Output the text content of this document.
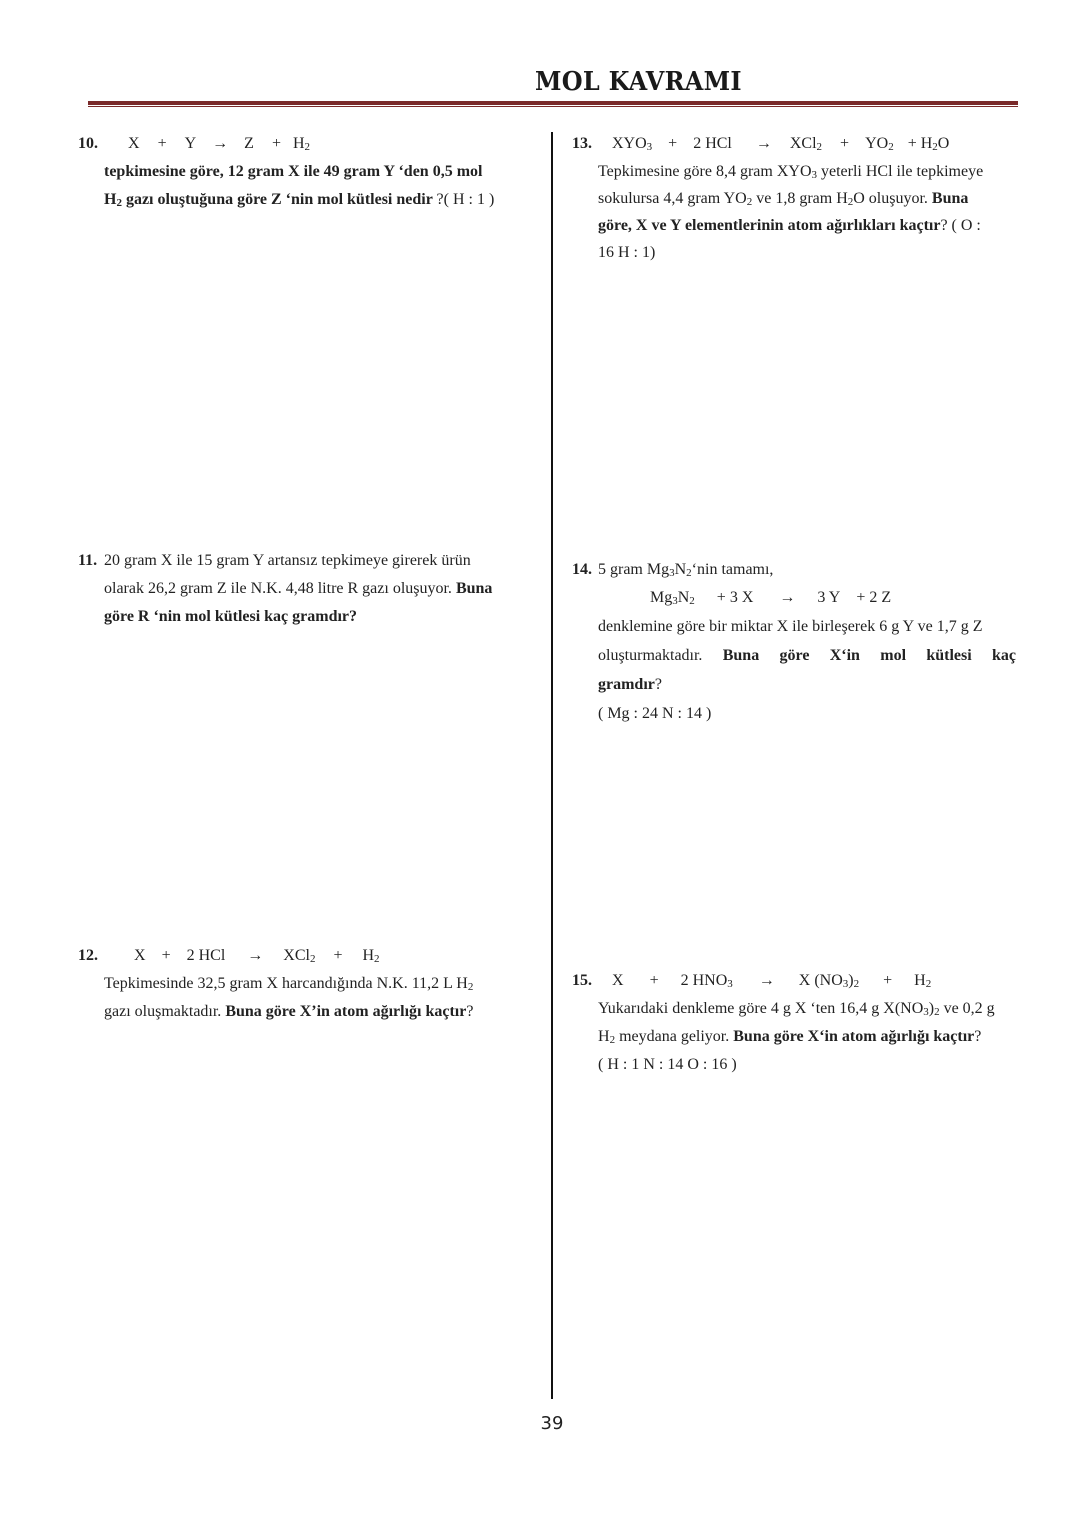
MOL KAVRAMI
10. $X + Y \to Z + H_2$
tepkimesine göre, 12 gram X ile 49 gram Y ‘den 0,5 mol
$H_2$ gazı oluştuğuna göre Z ‘nin mol kütlesi nedir ?( H : 1 )
11. 20 gram X ile 15 gram Y artansız tepkimeye girerek ürün
olarak 26,2 gram Z ile N.K. 4,48 litre R gazı oluşuyor. Buna
göre R ‘nin mol kütlesi kaç gramdır?
12. X + 2 HCl → $XCl_2 + H_2$
Tepkimesinde 32,5 gram X harcandığında N.K. 11,2 L $H_2$
gazı oluşmaktadır. Buna göre X’in atom ağırlığı kaçtır?
13. $XYO_3 + 2$ HCl → $XCl_2 + YO_2 + H_2O$
Tepkimesine göre 8,4 gram $XYO_3$ yeterli HCl ile tepkimeye
sokulursa 4,4 gram $YO_2$ ve 1,8 gram $H_2O$ oluşuyor. Buna
göre, X ve Y elementlerinin atom ağırlıkları kaçtır? ( O :
16 H : 1)
14. 5 gram $Mg_3N_2‘nin$ tamamı,
$Mg_3N_2 + 3$ X → 3 Y + 2 Z
denklemine göre bir miktar X ile birleşerek 6 g Y ve 1,7 g Z
oluşturmaktadır. Buna göre X‘in mol kütlesi kaç
gramdır?
( Mg : 24 N : 14 )
15. X + 2 $HNO_3 \to X$ $(NO_3)_2 + H_2$
Yukarıdaki denkleme göre 4 g X ‘ten 16,4 g $X(NO_3)_2$ ve 0,2 g
$H_2$ meydana geliyor. Buna göre X‘in atom ağırlığı kaçtır?
( H : 1 N : 14 O : 16 )
39
